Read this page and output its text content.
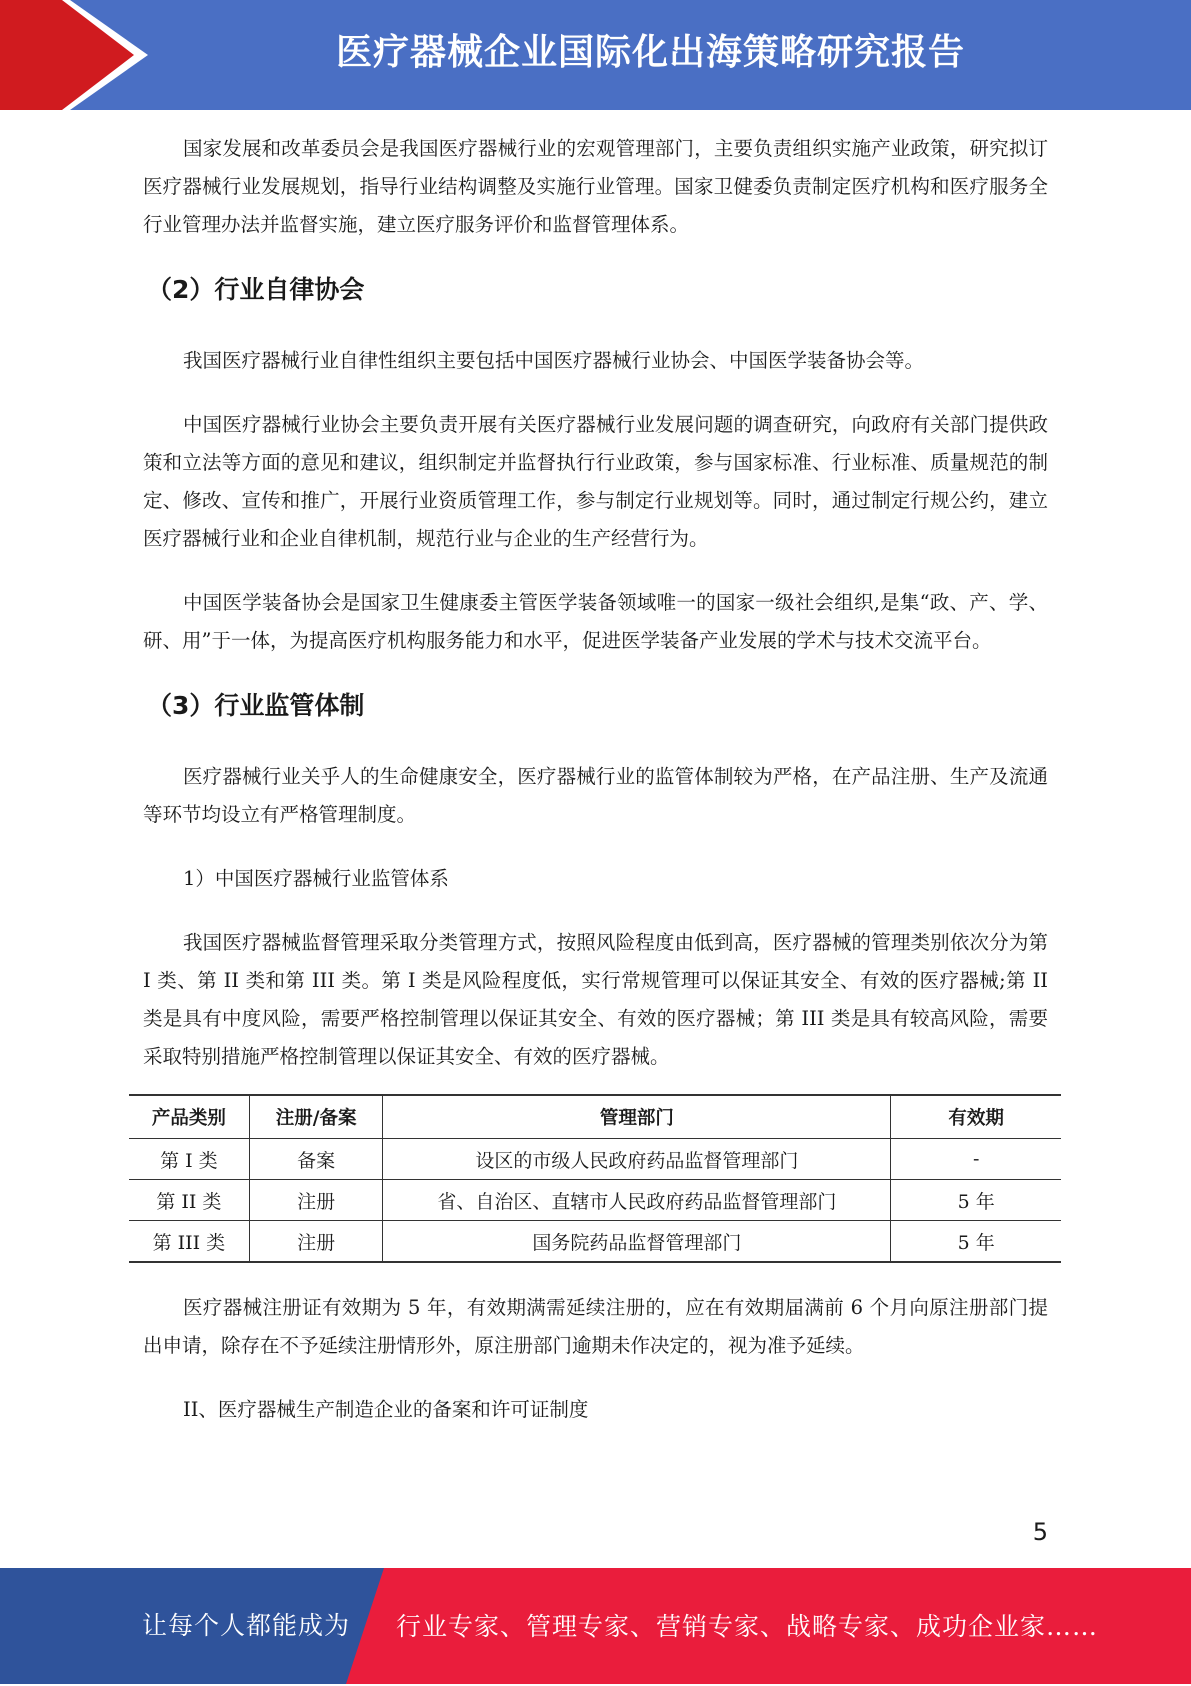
医疗器械企业国际化出海策略研究报告

国家发展和改革委员会是我国医疗器械行业的宏观管理部门，主要负责组织实施产业政策，研究拟订医疗器械行业发展规划，指导行业结构调整及实施行业管理。国家卫健委负责制定医疗机构和医疗服务全行业管理办法并监督实施，建立医疗服务评价和监督管理体系。

（2）行业自律协会

我国医疗器械行业自律性组织主要包括中国医疗器械行业协会、中国医学装备协会等。

中国医疗器械行业协会主要负责开展有关医疗器械行业发展问题的调查研究，向政府有关部门提供政策和立法等方面的意见和建议，组织制定并监督执行行业政策，参与国家标准、行业标准、质量规范的制定、修改、宣传和推广，开展行业资质管理工作，参与制定行业规划等。同时，通过制定行规公约，建立医疗器械行业和企业自律机制，规范行业与企业的生产经营行为。

中国医学装备协会是国家卫生健康委主管医学装备领域唯一的国家一级社会组织,是集“政、产、学、研、用”于一体，为提高医疗机构服务能力和水平，促进医学装备产业发展的学术与技术交流平台。

（3）行业监管体制

医疗器械行业关乎人的生命健康安全，医疗器械行业的监管体制较为严格，在产品注册、生产及流通等环节均设立有严格管理制度。

1）中国医疗器械行业监管体系

我国医疗器械监督管理采取分类管理方式，按照风险程度由低到高，医疗器械的管理类别依次分为第 I 类、第 II 类和第 III 类。第 I 类是风险程度低，实行常规管理可以保证其安全、有效的医疗器械;第 II 类是具有中度风险，需要严格控制管理以保证其安全、有效的医疗器械；第 III 类是具有较高风险，需要采取特别措施严格控制管理以保证其安全、有效的医疗器械。

产品类别	注册/备案	管理部门	有效期
第 I 类	备案	设区的市级人民政府药品监督管理部门	-
第 II 类	注册	省、自治区、直辖市人民政府药品监督管理部门	5 年
第 III 类	注册	国务院药品监督管理部门	5 年

医疗器械注册证有效期为 5 年，有效期满需延续注册的，应在有效期届满前 6 个月向原注册部门提出申请，除存在不予延续注册情形外，原注册部门逾期未作决定的，视为准予延续。

II、医疗器械生产制造企业的备案和许可证制度

5
让每个人都能成为 行业专家、管理专家、营销专家、战略专家、成功企业家……
